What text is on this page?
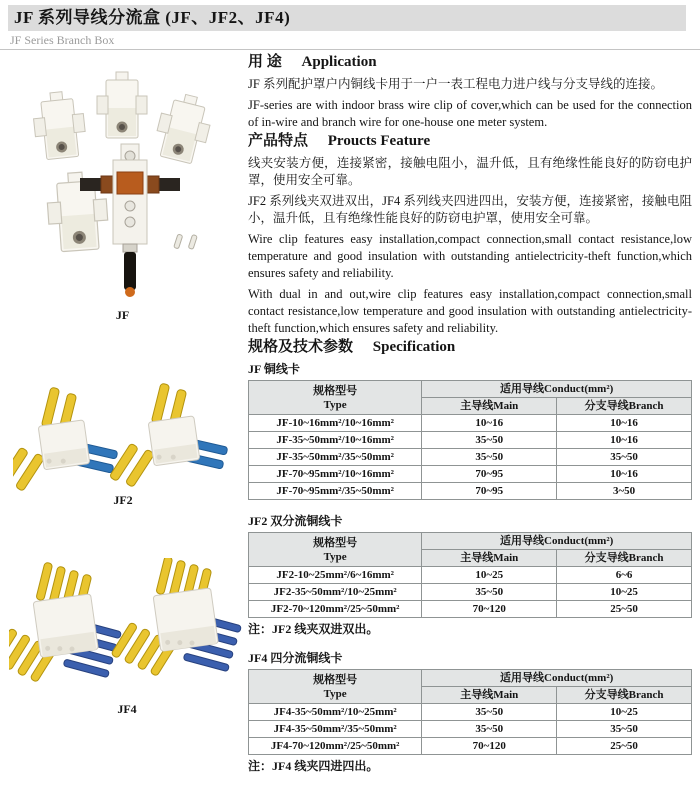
JF 系列导线分流盒 (JF、JF2、JF4)
JF Series Branch Box
JF
JF2
JF4
用 途 Application

JF 系列配护罩户内铜线卡用于一户一表工程电力进户线与分支导线的连接。

JF-series are with indoor brass wire clip of cover,which can be used for the connection of in-wire and branch wire for one-house one meter system.

产品特点 Proucts Feature

线夹安装方便，连接紧密，接触电阻小，温升低，且有绝缘性能良好的防窃电护罩，使用安全可靠。

JF2 系列线夹双进双出，JF4 系列线夹四进四出，安装方便，连接紧密，接触电阻小，温升低，且有绝缘性能良好的防窃电护罩，使用安全可靠。

Wire clip features easy installation,compact connection,small contact resistance,low temperature and good insulation with outstanding antielectricity-theft function,which ensures safety and reliability.

With dual in and out,wire clip features easy installation,compact connection,small contact resistance,low temperature and good insulation with outstanding antielectricity-theft function,which ensures safety and reliability.

规格及技术参数 Specification
JF 铜线卡
规格型号
Type	适用导线Conduct(mm²)	
	主导线Main	分支导线Branch
JF-10~16mm²/10~16mm²	10~16	10~16
JF-35~50mm²/10~16mm²	35~50	10~16
JF-35~50mm²/35~50mm²	35~50	35~50
JF-70~95mm²/10~16mm²	70~95	10~16
JF-70~95mm²/35~50mm²	70~95	3~50
JF2 双分流铜线卡
规格型号
Type	适用导线Conduct(mm²)	
	主导线Main	分支导线Branch
JF2-10~25mm²/6~16mm²	10~25	6~6
JF2-35~50mm²/10~25mm²	35~50	10~25
JF2-70~120mm²/25~50mm²	70~120	25~50
注：JF2 线夹双进双出。
JF4 四分流铜线卡
规格型号
Type	适用导线Conduct(mm²)	
	主导线Main	分支导线Branch
JF4-35~50mm²/10~25mm²	35~50	10~25
JF4-35~50mm²/35~50mm²	35~50	35~50
JF4-70~120mm²/25~50mm²	70~120	25~50
注：JF4 线夹四进四出。
